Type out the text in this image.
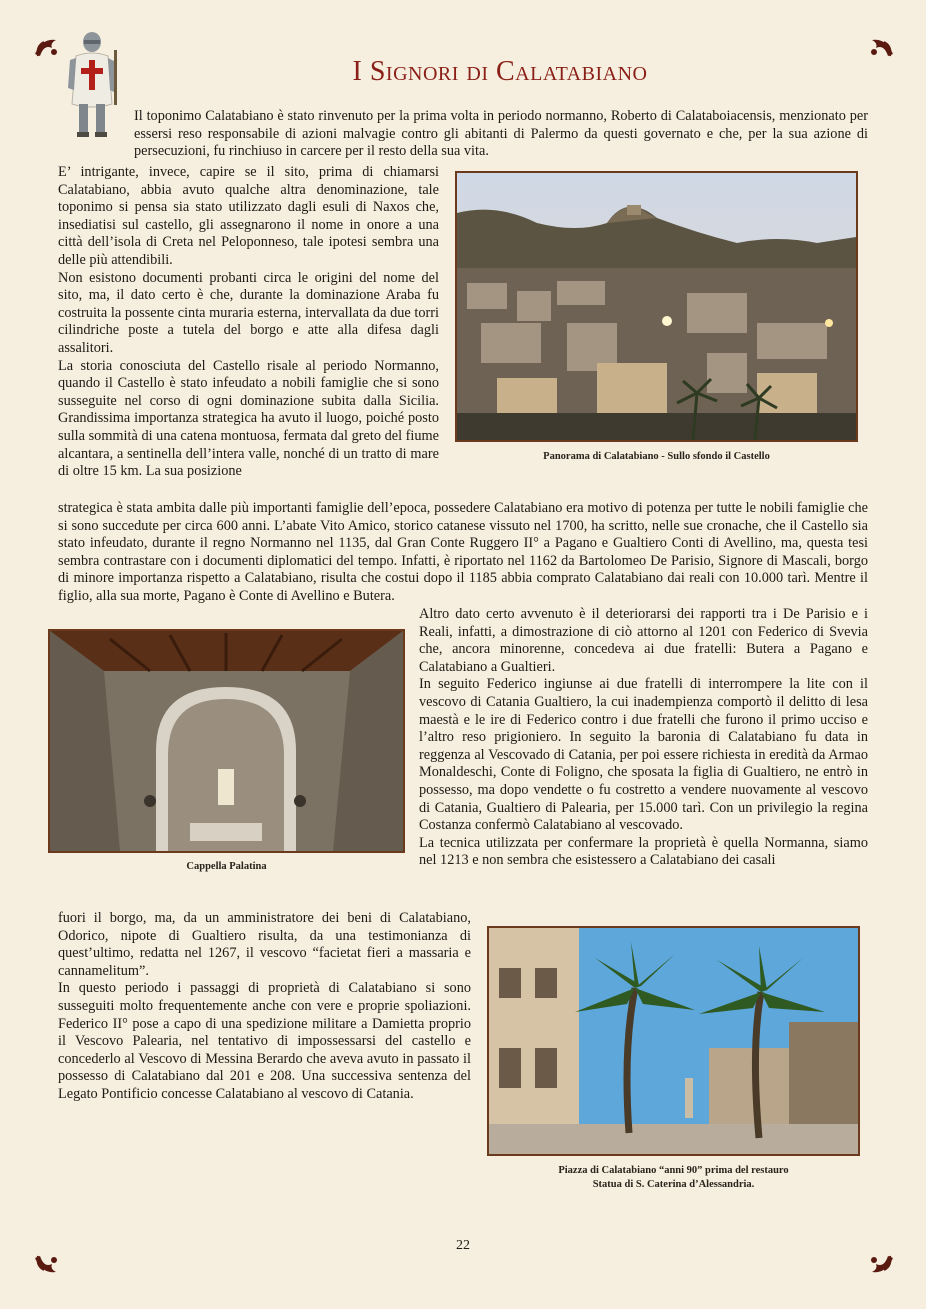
I Signori di Calatabiano

Il toponimo Calatabiano è stato rinvenuto per la prima volta in periodo normanno, Roberto di Calataboiacensis, menzionato per essersi reso responsabile di azioni malvagie contro gli abitanti di Palermo da questi governato e che, per la sua azione di persecuzioni, fu rinchiuso in carcere per il resto della sua vita.

E’ intrigante, invece, capire se il sito, prima di chiamarsi Calatabiano, abbia avuto qualche altra denominazione, tale toponimo si pensa sia stato utilizzato dagli esuli di Naxos che, insediatisi sul castello, gli assegnarono il nome in onore a una città dell’isola di Creta nel Peloponneso, tale ipotesi sembra una delle più attendibili.

Non esistono documenti probanti circa le origini del nome del sito, ma, il dato certo è che, durante la dominazione Araba fu costruita la possente cinta muraria esterna, intervallata da due torri cilindriche poste a tutela del borgo e atte alla difesa dagli assalitori.

La storia conosciuta del Castello risale al periodo Normanno, quando il Castello è stato infeudato a nobili famiglie che si sono susseguite nel corso di ogni dominazione subita dalla Sicilia. Grandissima importanza strategica ha avuto il luogo, poiché posto sulla sommità di una catena montuosa, fermata dal greto del fiume alcantara, a sentinella dell’intera valle, nonché di un tratto di mare di oltre 15 km. La sua posizione

Panorama di Calatabiano - Sullo sfondo il Castello

strategica è stata ambita dalle più importanti famiglie dell’epoca, possedere Calatabiano era motivo di potenza per tutte le nobili famiglie che si sono succedute per circa 600 anni. L’abate Vito Amico, storico catanese vissuto nel 1700, ha scritto, nelle sue cronache, che il Castello sia stato infeudato, durante il regno Normanno nel 1135, dal Gran Conte Ruggero II° a Pagano e Gualtiero Conti di Avellino, ma, questa tesi sembra contrastare con i documenti diplomatici del tempo. Infatti, è riportato nel 1162 da Bartolomeo De Parisio, Signore di Mascali, borgo di minore importanza rispetto a Calatabiano, risulta che costui dopo il 1185 abbia comprato Calatabiano dai reali con 10.000 tarì. Mentre il figlio, alla sua morte, Pagano è Conte di Avellino e Butera.

Cappella Palatina

Altro dato certo avvenuto è il deteriorarsi dei rapporti tra i De Parisio e i Reali, infatti, a dimostrazione di ciò attorno al 1201 con Federico di Svevia che, ancora minorenne, concedeva ai due fratelli: Butera a Pagano e Calatabiano a Gualtieri.

In seguito Federico ingiunse ai due fratelli di interrompere la lite con il vescovo di Catania Gualtiero, la cui inadempienza comportò il delitto di lesa maestà e le ire di Federico contro i due fratelli che furono il primo ucciso e l’altro reso prigioniero. In seguito la baronia di Calatabiano fu data in reggenza al Vescovado di Catania, per poi essere richiesta in eredità da Armao Monaldeschi, Conte di Foligno, che sposata la figlia di Gualtiero, ne entrò in possesso, ma dopo vendette o fu costretto a vendere nuovamente al vescovo di Catania, Gualtiero di Palearia, per 15.000 tarì. Con un privilegio la regina Costanza confermò Calatabiano al vescovado.

La tecnica utilizzata per confermare la proprietà è quella Normanna, siamo nel 1213 e non sembra che esistessero a Calatabiano dei casali

fuori il borgo, ma, da un amministratore dei beni di Calatabiano, Odorico, nipote di Gualtiero risulta, da una testimonianza di quest’ultimo, redatta nel 1267, il vescovo “facietat fieri a massaria e cannamelitum”.

In questo periodo i passaggi di proprietà di Calatabiano si sono susseguiti molto frequentemente anche con vere e proprie spoliazioni. Federico II° pose a capo di una spedizione militare a Damietta proprio il Vescovo Palearia, nel tentativo di impossessarsi del castello e concederlo al Vescovo di Messina Berardo che aveva avuto in passato il possesso di Calatabiano dal 201 e 208. Una successiva sentenza del Legato Pontificio concesse Calatabiano al vescovo di Catania.

Piazza di Calatabiano “anni 90” prima del restauro
Statua di S. Caterina d’Alessandria.
22
